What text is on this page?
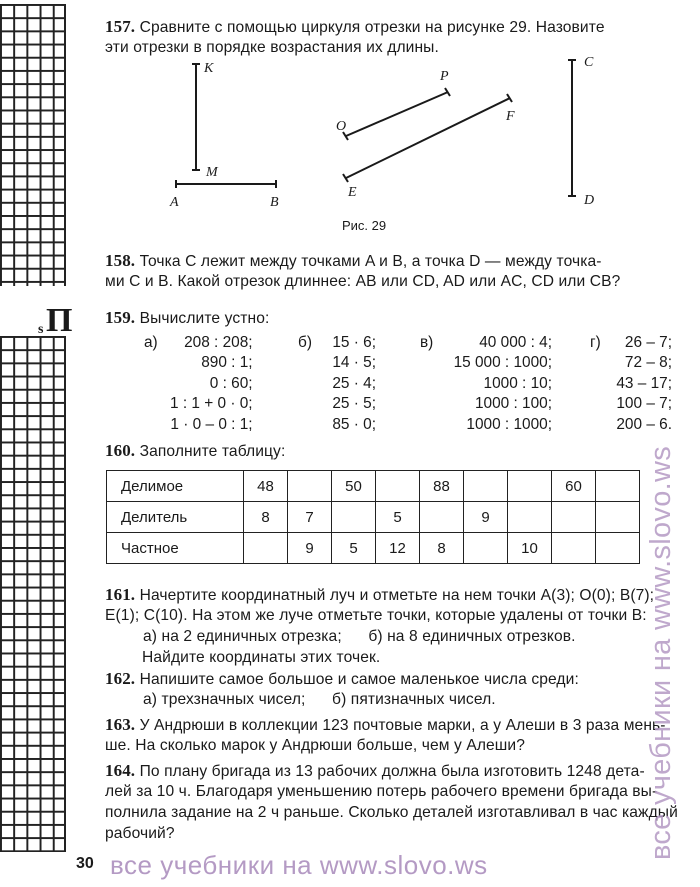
П
s
157. Сравните с помощью циркуля отрезки на рисунке 29. Назовите
эти отрезки в порядке возрастания их длины.
K
M
A	B
P
O
F
E
C
D
Рис. 29
158. Точка C лежит между точками A и B, а точка D — между точка-
ми C и B. Какой отрезок длиннее: AB или CD, AD или AC, CD или CB?
159. Вычислите устно:
а)	208 : 208;
890 : 1;
0 : 60;
1 : 1 + 0 · 0;
1 · 0 – 0 : 1;
б)	15 · 6;
14 · 5;
25 · 4;
25 · 5;
85 · 0;
в)	40 000 : 4;
15 000 : 1000;
1000 : 10;
1000 : 100;
1000 : 1000;
г)	26 – 7;
72 – 8;
43 – 17;
100 – 7;
200 – 6.
160. Заполните таблицу:
Делимое	48		50		88			60	
Делитель	8	7		5		9			
Частное		9	5	12	8		10		
161. Начертите координатный луч и отметьте на нем точки A(3); O(0); B(7);
E(1); C(10). На этом же луче отметьте точки, которые удалены от точки B:
а) на 2 единичных отрезка;      б) на 8 единичных отрезков.
Найдите координаты этих точек.
162. Напишите самое большое и самое маленькое числа среди:
а) трехзначных чисел;      б) пятизначных чисел.
163. У Андрюши в коллекции 123 почтовые марки, а у Алеши в 3 раза мень-
ше. На сколько марок у Андрюши больше, чем у Алеши?
164. По плану бригада из 13 рабочих должна была изготовить 1248 дета-
лей за 10 ч. Благодаря уменьшению потерь рабочего времени бригада вы-
полнила задание на 2 ч раньше. Сколько деталей изготавливал в час каждый
рабочий?
30 все учебники на www.slovo.ws
все учебники на www.slovo.ws
